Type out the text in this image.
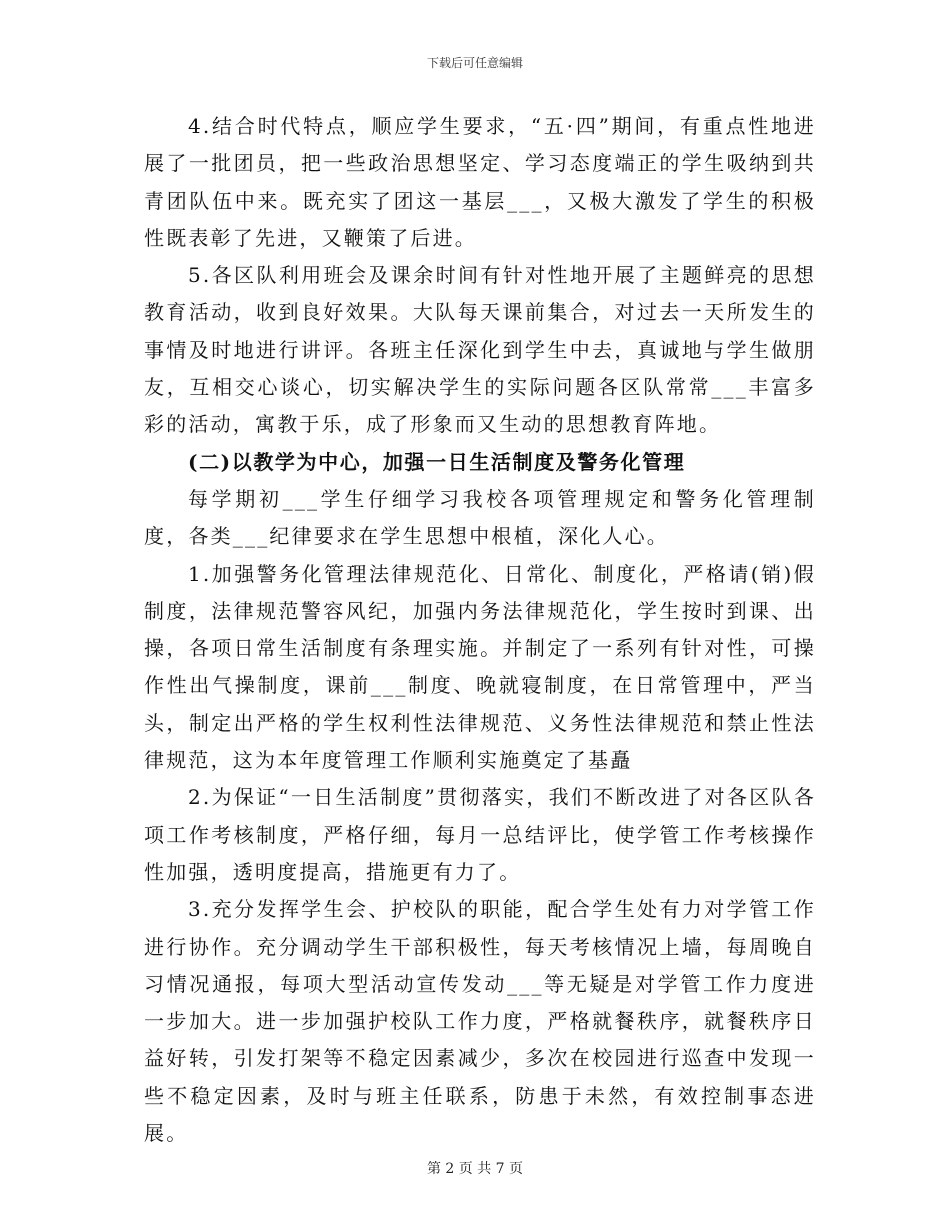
下载后可任意编辑

4.结合时代特点，顺应学生要求，“五·四”期间，有重点性地进展了一批团员，把一些政治思想坚定、学习态度端正的学生吸纳到共青团队伍中来。既充实了团这一基层___，又极大激发了学生的积极性既表彰了先进，又鞭策了后进。

5.各区队利用班会及课余时间有针对性地开展了主题鲜亮的思想教育活动，收到良好效果。大队每天课前集合，对过去一天所发生的事情及时地进行讲评。各班主任深化到学生中去，真诚地与学生做朋友，互相交心谈心，切实解决学生的实际问题各区队常常___丰富多彩的活动，寓教于乐，成了形象而又生动的思想教育阵地。

(二)以教学为中心，加强一日生活制度及警务化管理

每学期初___学生仔细学习我校各项管理规定和警务化管理制度，各类___纪律要求在学生思想中根植，深化人心。

1.加强警务化管理法律规范化、日常化、制度化，严格请(销)假制度，法律规范警容风纪，加强内务法律规范化，学生按时到课、出操，各项日常生活制度有条理实施。并制定了一系列有针对性，可操作性出气操制度，课前___制度、晚就寝制度，在日常管理中，严当头，制定出严格的学生权利性法律规范、义务性法律规范和禁止性法律规范，这为本年度管理工作顺利实施奠定了基矗

2.为保证“一日生活制度”贯彻落实，我们不断改进了对各区队各项工作考核制度，严格仔细，每月一总结评比，使学管工作考核操作性加强，透明度提高，措施更有力了。

3.充分发挥学生会、护校队的职能，配合学生处有力对学管工作进行协作。充分调动学生干部积极性，每天考核情况上墙，每周晚自习情况通报，每项大型活动宣传发动___等无疑是对学管工作力度进一步加大。进一步加强护校队工作力度，严格就餐秩序，就餐秩序日益好转，引发打架等不稳定因素减少，多次在校园进行巡查中发现一些不稳定因素，及时与班主任联系，防患于未然，有效控制事态进展。

第 2 页 共 7 页
